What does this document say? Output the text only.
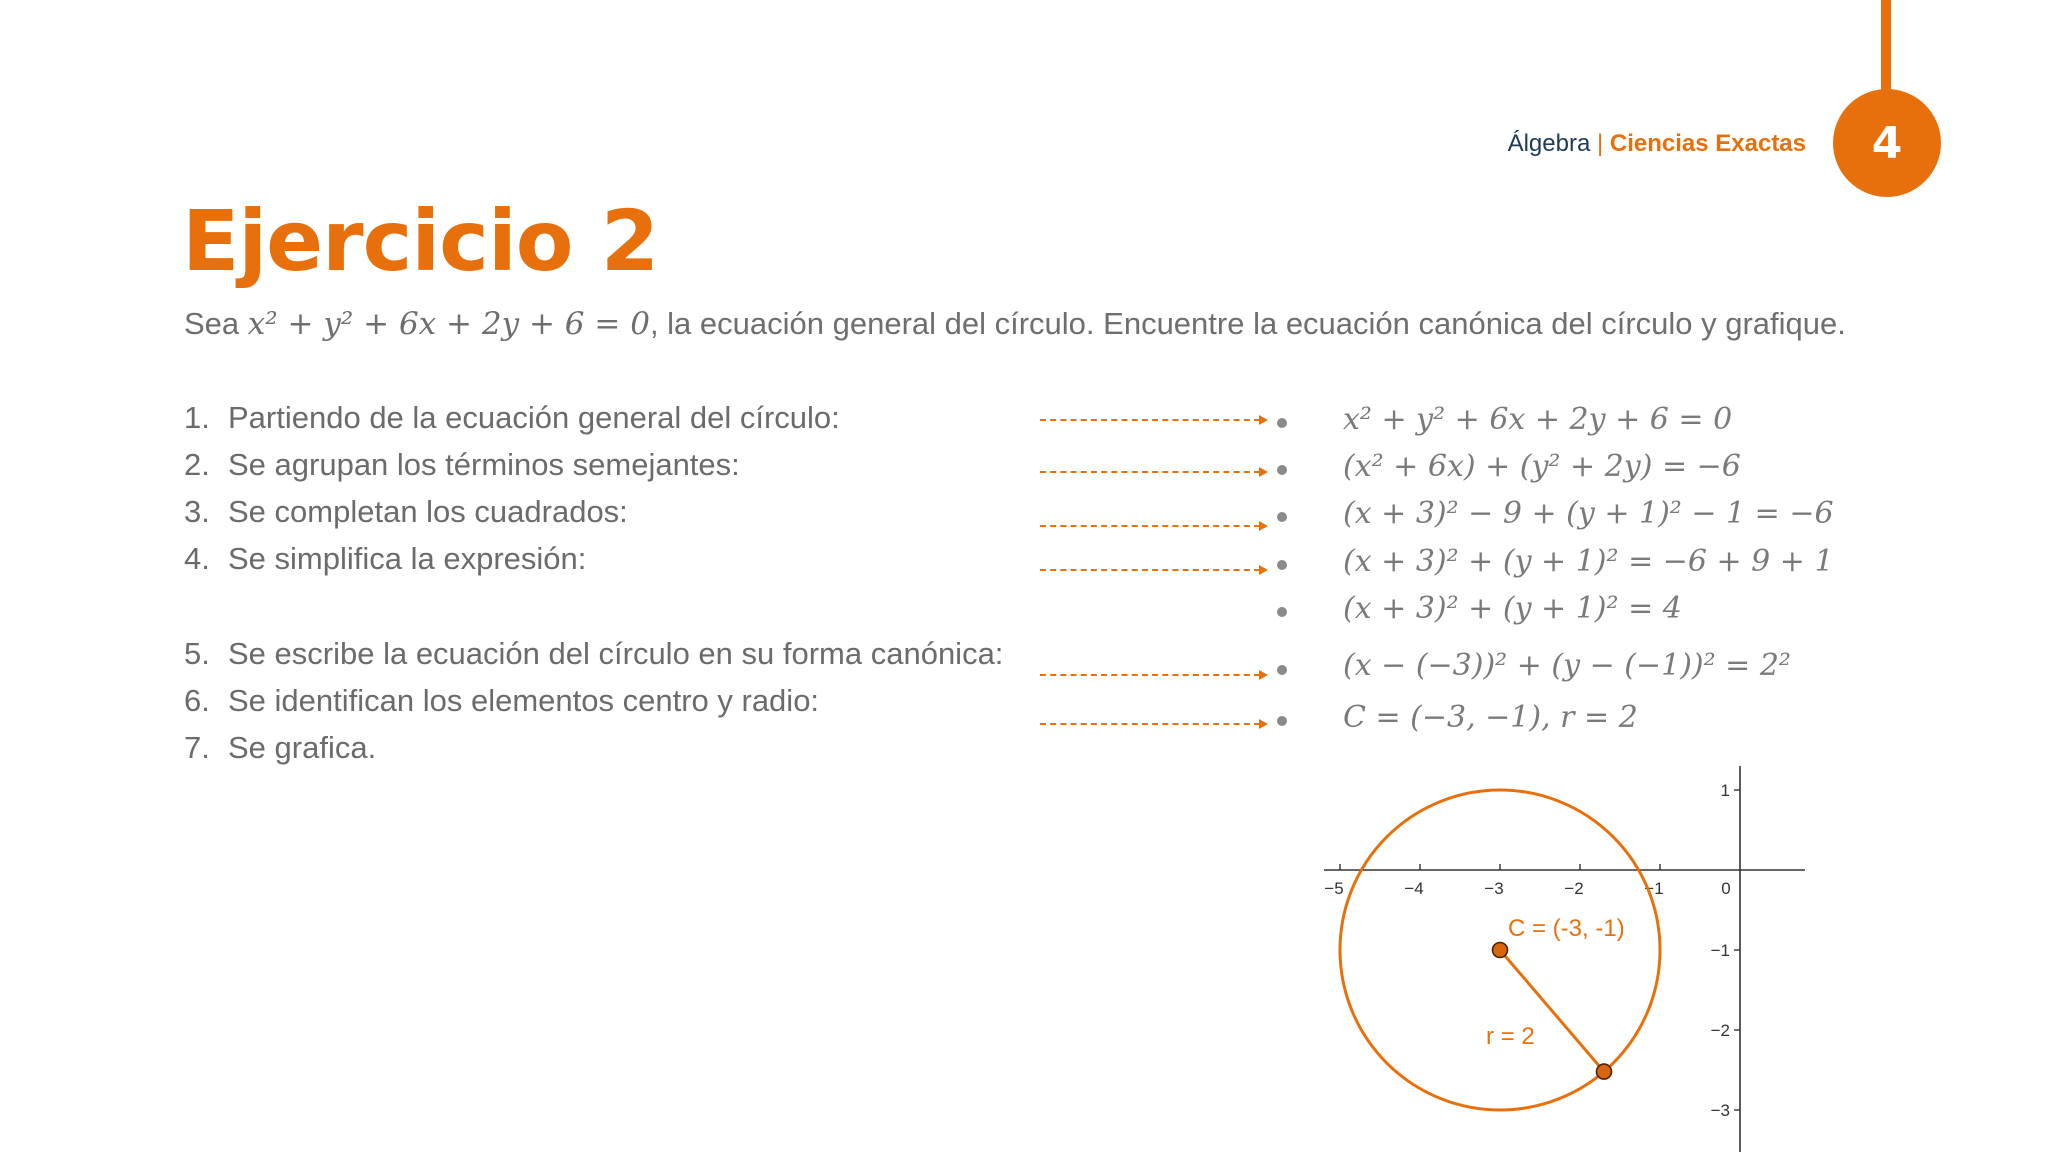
4
Álgebra | Ciencias Exactas
Ejercicio 2
Sea x² + y² + 6x + 2y + 6 = 0, la ecuación general del círculo. Encuentre la ecuación canónica del círculo y grafique.
1. Partiendo de la ecuación general del círculo:
2. Se agrupan los términos semejantes:
3. Se completan los cuadrados:
4. Se simplifica la expresión:
5. Se escribe la ecuación del círculo en su forma canónica:
6. Se identifican los elementos centro y radio:
7. Se grafica.
x² + y² + 6x + 2y + 6 = 0
(x² + 6x) + (y² + 2y) = −6
(x + 3)² − 9 + (y + 1)² − 1 = −6
(x + 3)² + (y + 1)² = −6 + 9 + 1
(x + 3)² + (y + 1)² = 4
(x − (−3))² + (y − (−1))² = 2²
C = (−3, −1), r = 2
−5	−4	−3	−2	−1	0
1
−1
−2
−3
C = (-3, -1)
r = 2
